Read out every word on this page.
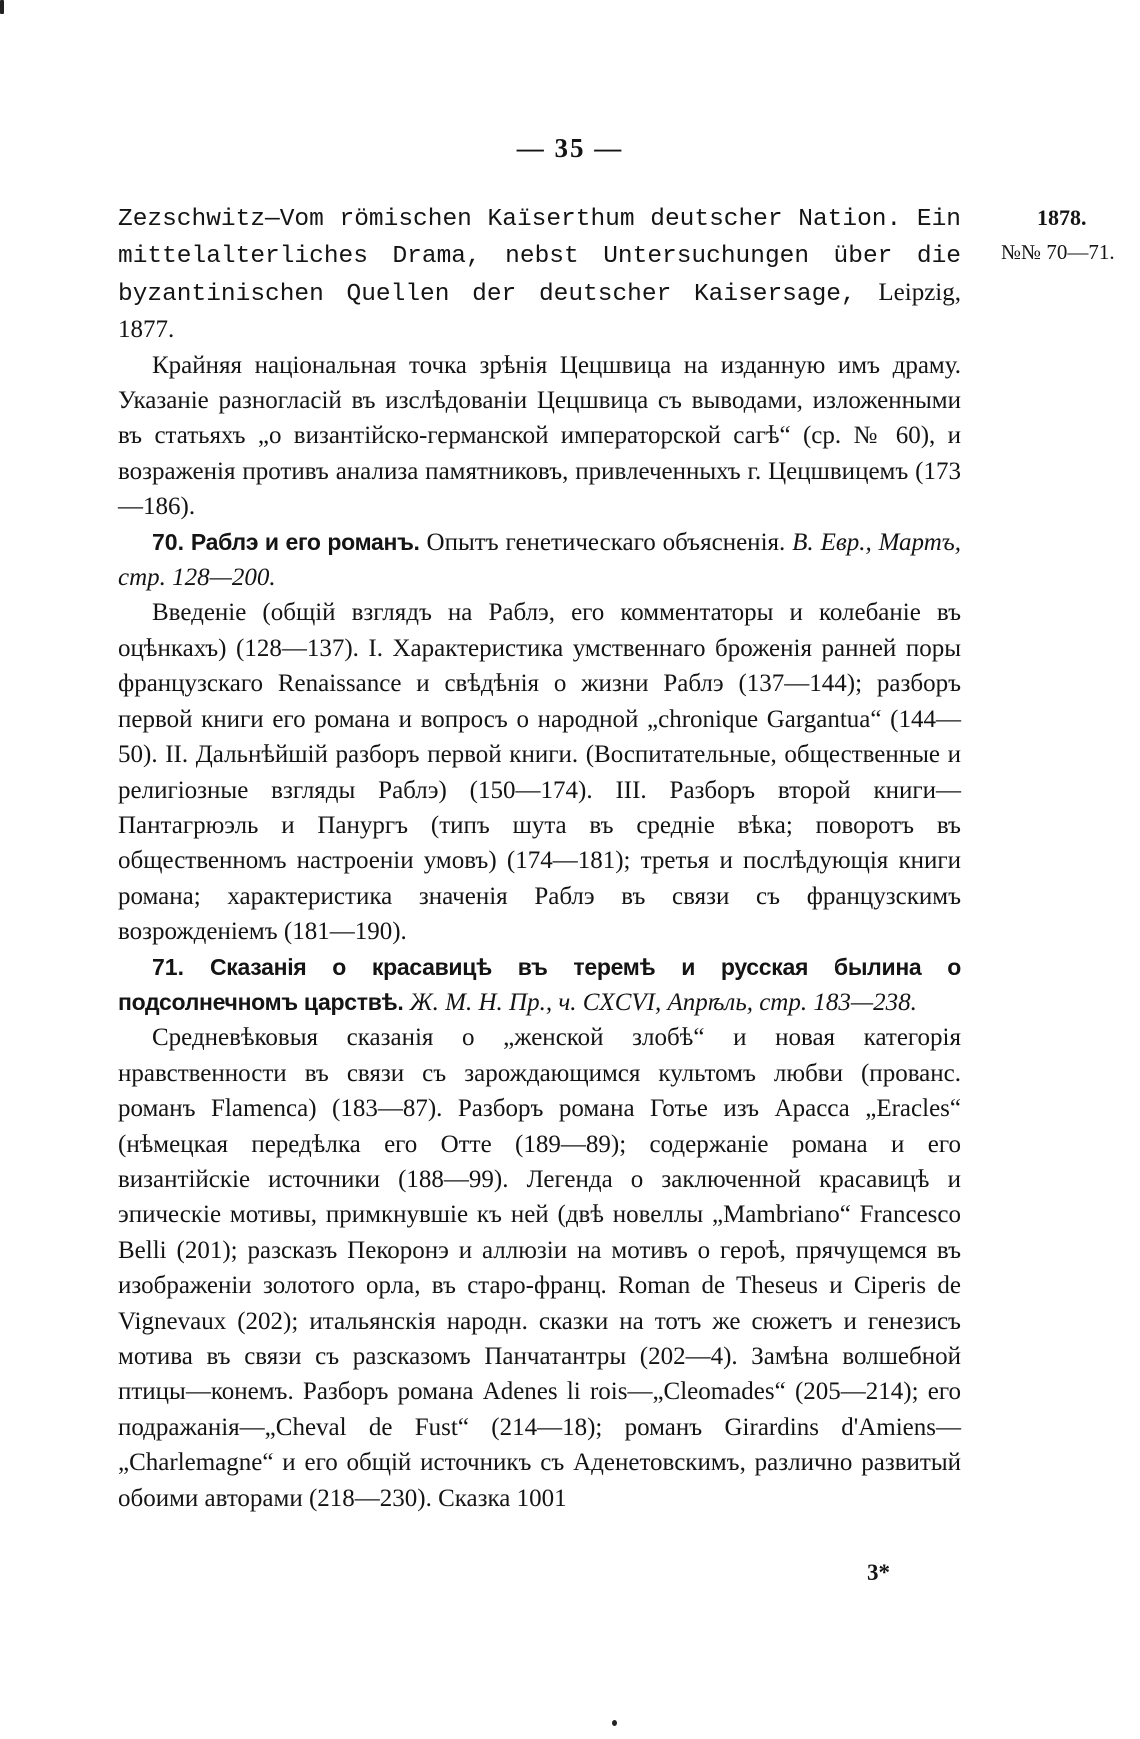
— 35 —
1878.
№№ 70—71.

Zezschwitz—Vom römischen Kaïserthum deutscher Nation. Ein mittelalterliches Drama, nebst Untersuchungen über die byzantinischen Quellen der deutscher Kaisersage, Leipzig, 1877.

Крайняя національная точка зрѣнія Цецшвица на изданную имъ драму. Указаніе разногласій въ изслѣдованіи Цецшвица съ выводами, изложенными въ статьяхъ „о византійско-германской императорской сагѣ“ (ср. № 60), и возраженія противъ анализа памятниковъ, привлеченныхъ г. Цецшвицемъ (173—186).

70. Раблэ и его романъ. Опытъ генетическаго объясненія. В. Евр., Мартъ, стр. 128—200.

Введеніе (общій взглядъ на Раблэ, его комментаторы и колебаніе въ оцѣнкахъ) (128—137). I. Характеристика умственнаго броженія ранней поры французскаго Renaissance и свѣдѣнія о жизни Раблэ (137—144); разборъ первой книги его романа и вопросъ о народной „chronique Gargantua“ (144—50). II. Дальнѣйшій разборъ первой книги. (Воспитательные, общественные и религіозные взгляды Раблэ) (150—174). III. Разборъ второй книги—Пантагрюэль и Панургъ (типъ шута въ средніе вѣка; поворотъ въ общественномъ настроеніи умовъ) (174—181); третья и послѣдующія книги романа; характеристика значенія Раблэ въ связи съ французскимъ возрожденіемъ (181—190).

71. Сказанія о красавицѣ въ теремѣ и русская былина о подсолнечномъ царствѣ. Ж. М. Н. Пр., ч. CXCVI, Апрѣль, стр. 183—238.

Средневѣковыя сказанія о „женской злобѣ“ и новая категорія нравственности въ связи съ зарождающимся культомъ любви (прованс. романъ Flamenca) (183—87). Разборъ романа Готье изъ Арасса „Eracles“ (нѣмецкая передѣлка его Отте (189—89); содержаніе романа и его византійскіе источники (188—99). Легенда о заключенной красавицѣ и эпическіе мотивы, примкнувшіе къ ней (двѣ новеллы „Mambriano“ Francesco Belli (201); разсказъ Пекоронэ и аллюзіи на мотивъ о героѣ, прячущемся въ изображеніи золотого орла, въ старо-франц. Roman de Theseus и Ciperis de Vignevaux (202); итальянскія народн. сказки на тотъ же сюжетъ и генезисъ мотива въ связи съ разсказомъ Панчатантры (202—4). Замѣна волшебной птицы—конемъ. Разборъ романа Adenes li rois—„Cleomades“ (205—214); его подражанія—„Cheval de Fust“ (214—18); романъ Girardins d'Amiens—„Charlemagne“ и его общій источникъ съ Аденетовскимъ, различно развитый обоими авторами (218—230). Сказка 1001

3*
